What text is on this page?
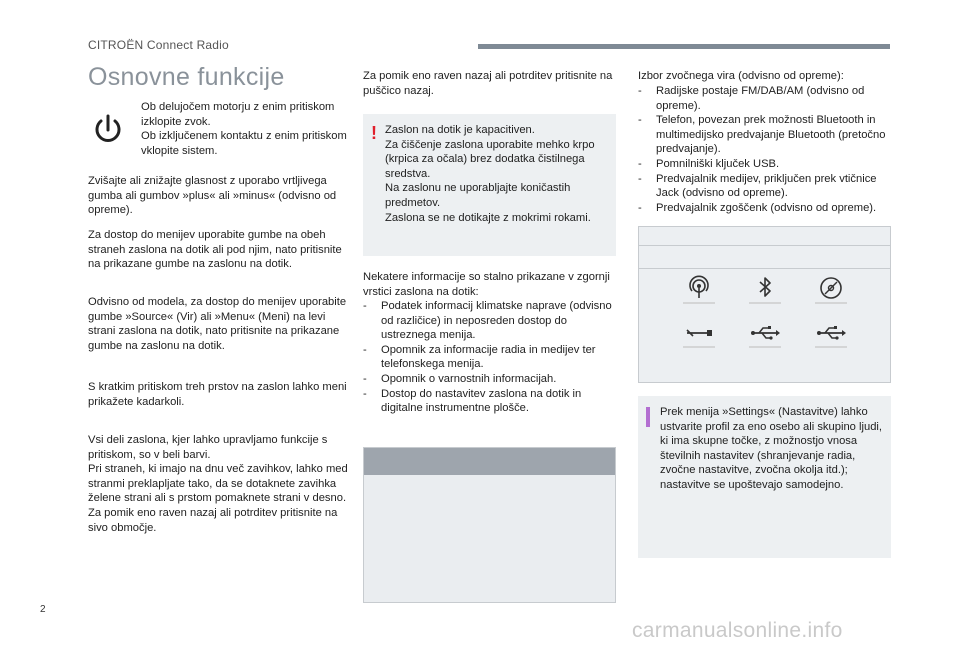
CITROËN Connect Radio
Osnovne funkcije

Ob delujočem motorju z enim pritiskom izklopite zvok.
Ob izključenem kontaktu z enim pritiskom vklopite sistem.

Zvišajte ali znižajte glasnost z uporabo vrtljivega gumba ali gumbov »plus« ali »minus« (odvisno od opreme).

Za dostop do menijev uporabite gumbe na obeh straneh zaslona na dotik ali pod njim, nato pritisnite na prikazane gumbe na zaslonu na dotik.

Odvisno od modela, za dostop do menijev uporabite gumbe »Source« (Vir) ali »Menu« (Meni) na levi strani zaslona na dotik, nato pritisnite na prikazane gumbe na zaslonu na dotik.

S kratkim pritiskom treh prstov na zaslon lahko meni prikažete kadarkoli.

Vsi deli zaslona, kjer lahko upravljamo funkcije s pritiskom, so v beli barvi.
Pri straneh, ki imajo na dnu več zavihkov, lahko med stranmi preklapljate tako, da se dotaknete zavihka želene strani ali s prstom pomaknete strani v desno.
Za pomik eno raven nazaj ali potrditev pritisnite na sivo območje.

Za pomik eno raven nazaj ali potrditev pritisnite na puščico nazaj.

! Zaslon na dotik je kapacitiven.
Za čiščenje zaslona uporabite mehko krpo (krpica za očala) brez dodatka čistilnega sredstva.
Na zaslonu ne uporabljajte koničastih predmetov.
Zaslona se ne dotikajte z mokrimi rokami.

Nekatere informacije so stalno prikazane v zgornji vrstici zaslona na dotik:

- Podatek informacij klimatske naprave (odvisno od različice) in neposreden dostop do ustreznega menija.
- Opomnik za informacije radia in medijev ter telefonskega menija.
- Opomnik o varnostnih informacijah.
- Dostop do nastavitev zaslona na dotik in digitalne instrumentne plošče.

Izbor zvočnega vira (odvisno od opreme):

- Radijske postaje FM/DAB/AM (odvisno od opreme).
- Telefon, povezan prek možnosti Bluetooth in multimedijsko predvajanje Bluetooth (pretočno predvajanje).
- Pomnilniški ključek USB.
- Predvajalnik medijev, priključen prek vtičnice Jack (odvisno od opreme).
- Predvajalnik zgoščenk (odvisno od opreme).

Prek menija »Settings« (Nastavitve) lahko ustvarite profil za eno osebo ali skupino ljudi, ki ima skupne točke, z možnostjo vnosa številnih nastavitev (shranjevanje radia, zvočne nastavitve, zvočna okolja itd.); nastavitve se upoštevajo samodejno.

2
carmanualsonline.info
